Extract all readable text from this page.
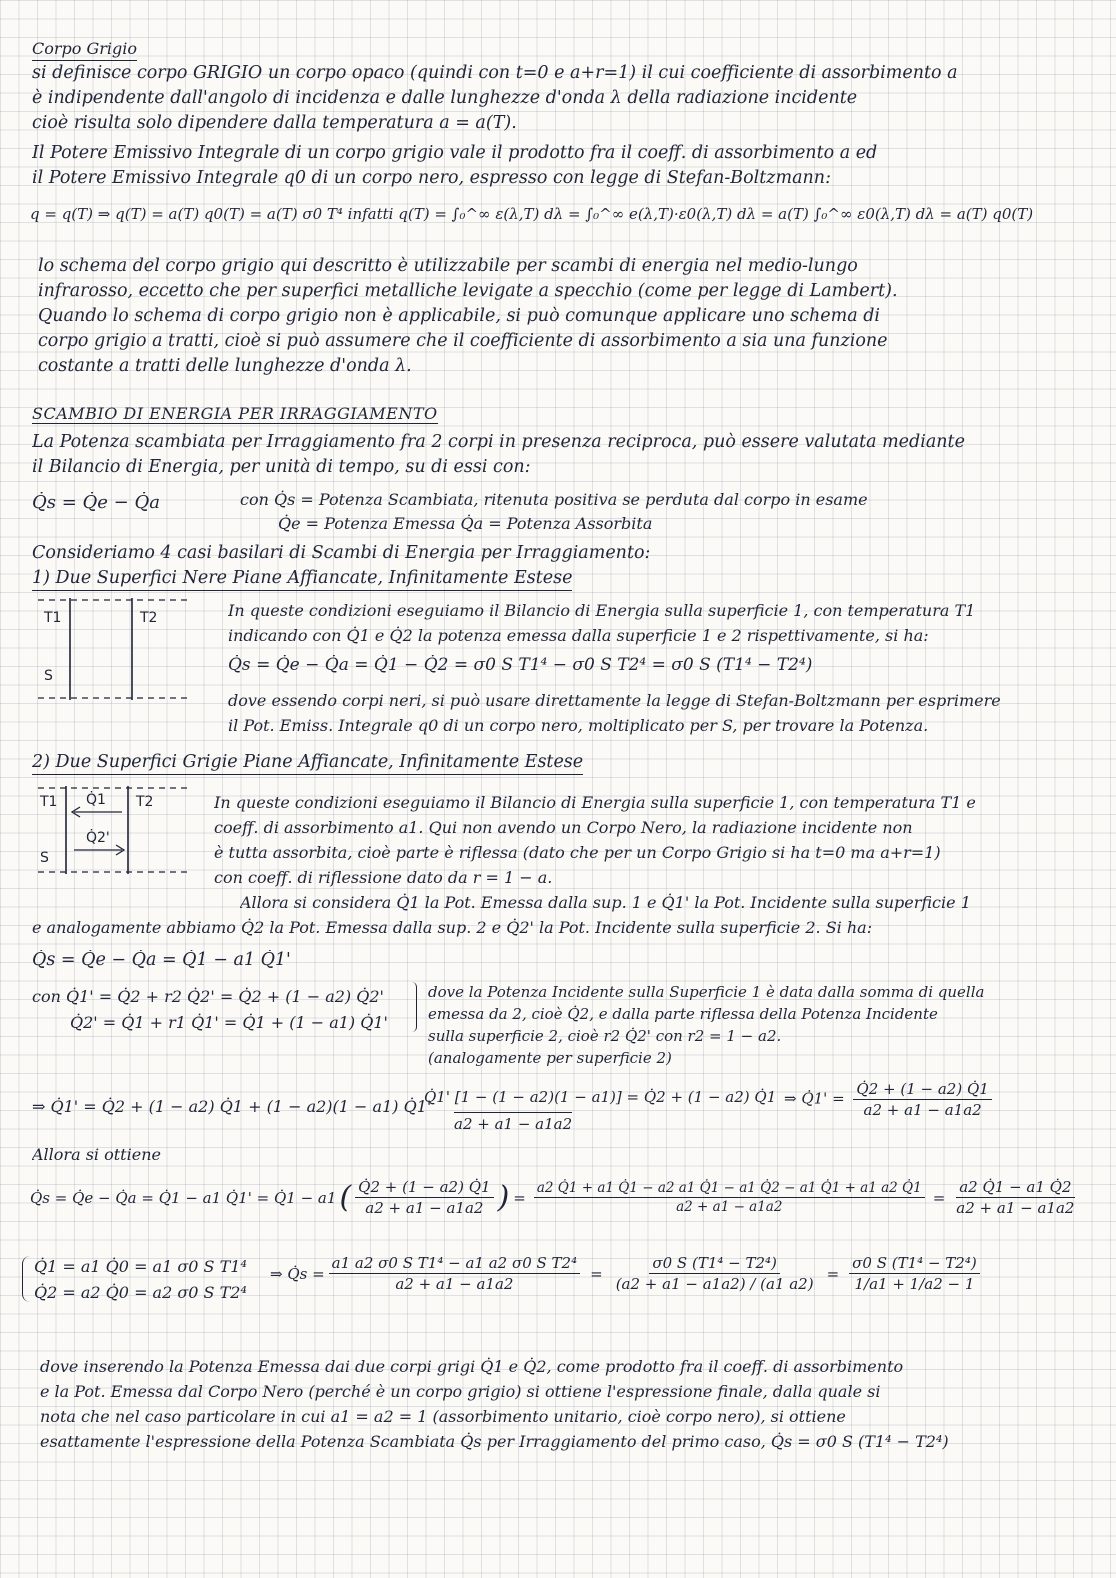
Corpo Grigio
si definisce corpo GRIGIO un corpo opaco (quindi con t=0 e a+r=1) il cui coefficiente di assorbimento a
è indipendente dall'angolo di incidenza e dalle lunghezze d'onda λ della radiazione incidente
cioè risulta solo dipendere dalla temperatura a = a(T).
Il Potere Emissivo Integrale di un corpo grigio vale il prodotto fra il coeff. di assorbimento a ed
il Potere Emissivo Integrale q0 di un corpo nero, espresso con legge di Stefan-Boltzmann:
q = q(T) ⇒ q(T) = a(T) q0(T) = a(T) σ0 T⁴ infatti q(T) = ∫₀^∞ ε(λ,T) dλ = ∫₀^∞ e(λ,T)·ε0(λ,T) dλ = a(T) ∫₀^∞ ε0(λ,T) dλ = a(T) q0(T)
lo schema del corpo grigio qui descritto è utilizzabile per scambi di energia nel medio-lungo
infrarosso, eccetto che per superfici metalliche levigate a specchio (come per legge di Lambert).
Quando lo schema di corpo grigio non è applicabile, si può comunque applicare uno schema di
corpo grigio a tratti, cioè si può assumere che il coefficiente di assorbimento a sia una funzione
costante a tratti delle lunghezze d'onda λ.
SCAMBIO DI ENERGIA PER IRRAGGIAMENTO
La Potenza scambiata per Irraggiamento fra 2 corpi in presenza reciproca, può essere valutata mediante
il Bilancio di Energia, per unità di tempo, su di essi con:
Q̇s = Q̇e − Q̇a	con Q̇s = Potenza Scambiata, ritenuta positiva se perduta dal corpo in esame
Q̇e = Potenza Emessa Q̇a = Potenza Assorbita
Consideriamo 4 casi basilari di Scambi di Energia per Irraggiamento:
1) Due Superfici Nere Piane Affiancate, Infinitamente Estese
T1	T2
S
In queste condizioni eseguiamo il Bilancio di Energia sulla superficie 1, con temperatura T1
indicando con Q̇1 e Q̇2 la potenza emessa dalla superficie 1 e 2 rispettivamente, si ha:
Q̇s = Q̇e − Q̇a = Q̇1 − Q̇2 = σ0 S T1⁴ − σ0 S T2⁴ = σ0 S (T1⁴ − T2⁴)
dove essendo corpi neri, si può usare direttamente la legge di Stefan-Boltzmann per esprimere
il Pot. Emiss. Integrale q0 di un corpo nero, moltiplicato per S, per trovare la Potenza.
2) Due Superfici Grigie Piane Affiancate, Infinitamente Estese
T1	T2
S
Q̇1
Q̇2'
In queste condizioni eseguiamo il Bilancio di Energia sulla superficie 1, con temperatura T1 e
coeff. di assorbimento a1. Qui non avendo un Corpo Nero, la radiazione incidente non
è tutta assorbita, cioè parte è riflessa (dato che per un Corpo Grigio si ha t=0 ma a+r=1)
con coeff. di riflessione dato da r = 1 − a.
Allora si considera Q̇1 la Pot. Emessa dalla sup. 1 e Q̇1' la Pot. Incidente sulla superficie 1
e analogamente abbiamo Q̇2 la Pot. Emessa dalla sup. 2 e Q̇2' la Pot. Incidente sulla superficie 2. Si ha:
Q̇s = Q̇e − Q̇a = Q̇1 − a1 Q̇1'
con Q̇1' = Q̇2 + r2 Q̇2' = Q̇2 + (1 − a2) Q̇2'
Q̇2' = Q̇1 + r1 Q̇1' = Q̇1 + (1 − a1) Q̇1'
dove la Potenza Incidente sulla Superficie 1 è data dalla somma di quella
emessa da 2, cioè Q̇2, e dalla parte riflessa della Potenza Incidente
sulla superficie 2, cioè r2 Q̇2' con r2 = 1 − a2.
(analogamente per superficie 2)
⇒ Q̇1' = Q̇2 + (1 − a2) Q̇1 + (1 − a2)(1 − a1) Q̇1'
Q̇1' [1 − (1 − a2)(1 − a1)] = Q̇2 + (1 − a2) Q̇1
a2 + a1 − a1a2
⇒ Q̇1' = $\frac{Q̇2 + (1 - a2) Q̇1}{a2 + a1 - a1a2}$
Allora si ottiene
Q̇s = Q̇e − Q̇a = Q̇1 − a1 Q̇1' = Q̇1 − a1 ( $\frac{Q̇2 + (1 - a2) Q̇1}{a2 + a1 - a1a2}$ ) = $\frac{a2 Q̇1 + a1 Q̇1 - a2 a1 Q̇1 - a1 Q̇2 - a1 Q̇1 + a1 a2 Q̇1}{a2 + a1 - a1a2} = \frac{a2 Q̇1 - a1 Q̇2}{a2 + a1 - a1a2}$
Q̇1 = a1 Q̇0 = a1 σ0 S T1⁴
Q̇2 = a2 Q̇0 = a2 σ0 S T2⁴
⇒ Q̇s = $\frac{\text{a1 a2 σ0 S T1⁴ − a1 a2 σ0 S T2⁴}}{a2 + a1 - a1a2} = \frac{\text{σ0 S (T1⁴ − T2⁴)}}{(a2 + a1 - a1a2) / (a1 a2)} = \frac{\text{σ0 S (T1⁴ − T2⁴)}}{1/a1 + 1/a2 - 1}$
dove inserendo la Potenza Emessa dai due corpi grigi Q̇1 e Q̇2, come prodotto fra il coeff. di assorbimento
e la Pot. Emessa dal Corpo Nero (perché è un corpo grigio) si ottiene l'espressione finale, dalla quale si
nota che nel caso particolare in cui a1 = a2 = 1 (assorbimento unitario, cioè corpo nero), si ottiene
esattamente l'espressione della Potenza Scambiata Q̇s per Irraggiamento del primo caso, Q̇s = σ0 S (T1⁴ − T2⁴)
